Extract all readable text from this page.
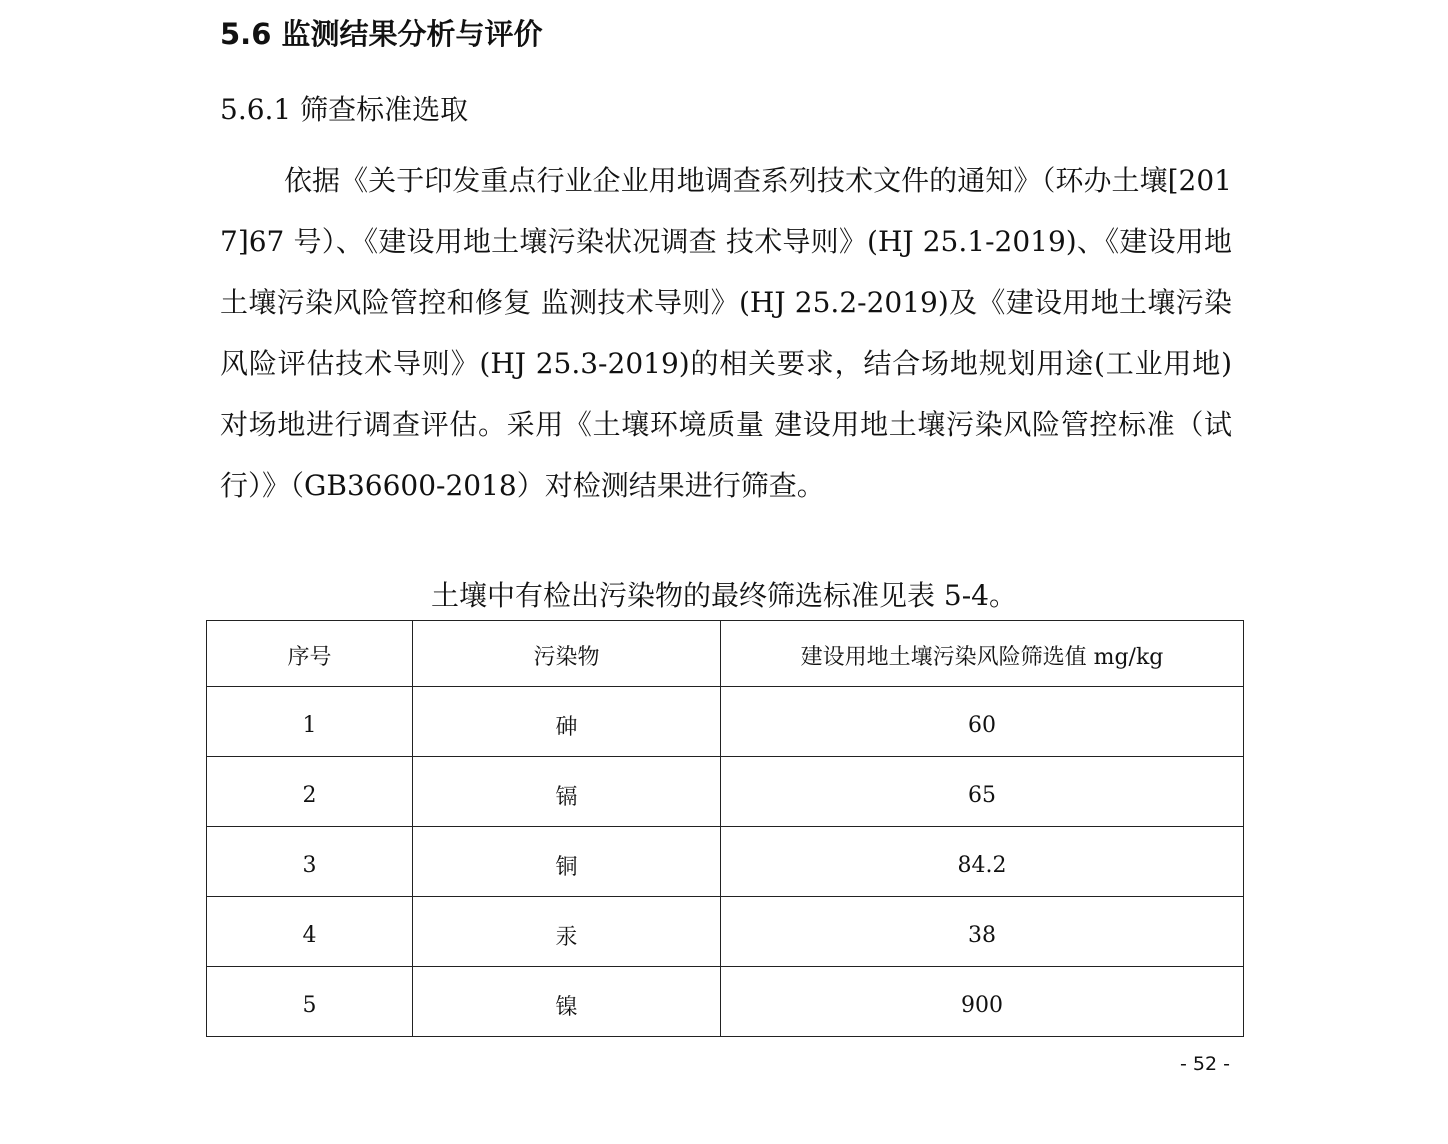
5.6 监测结果分析与评价
5.6.1 筛查标准选取

依据《关于印发重点行业企业用地调查系列技术文件的通知》（环办土壤[2017]67 号）、《建设用地土壤污染状况调查 技术导则》(HJ 25.1-2019)、《建设用地土壤污染风险管控和修复 监测技术导则》(HJ 25.2-2019)及《建设用地土壤污染风险评估技术导则》(HJ 25.3-2019)的相关要求，结合场地规划用途(工业用地)对场地进行调查评估。采用《土壤环境质量 建设用地土壤污染风险管控标准（试行）》（GB36600-2018）对检测结果进行筛查。

土壤中有检出污染物的最终筛选标准见表 5-4。
序号	污染物	建设用地土壤污染风险筛选值 mg/kg
1	砷	60
2	镉	65
3	铜	84.2
4	汞	38
5	镍	900
- 52 -
